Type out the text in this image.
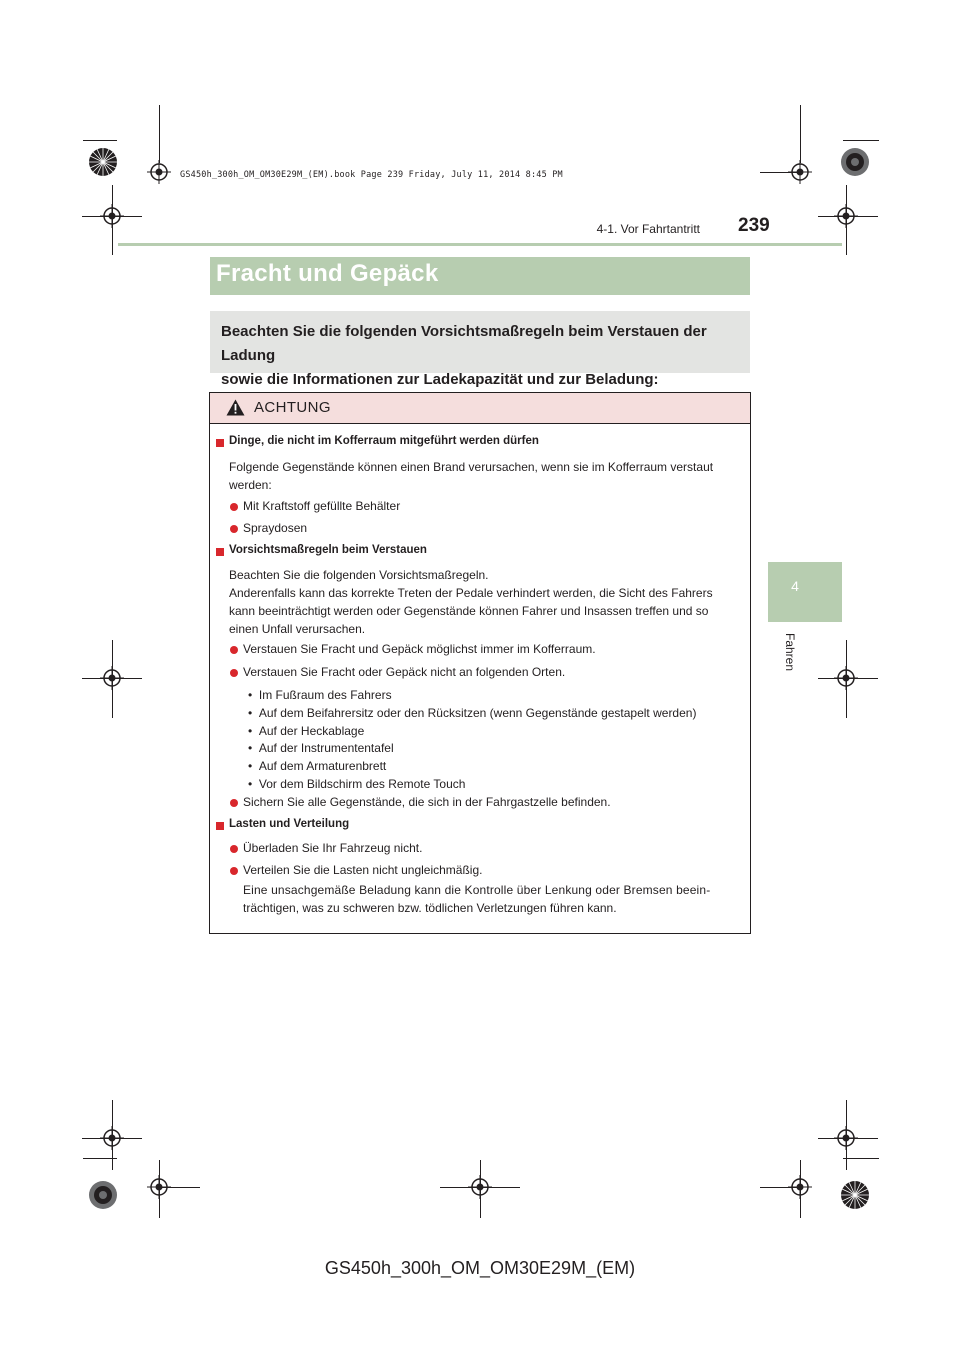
GS450h_300h_OM_OM30E29M_(EM).book Page 239 Friday, July 11, 2014 8:45 PM
4-1. Vor Fahrtantritt 239
4
Fahren
Fracht und Gepäck
Beachten Sie die folgenden Vorsichtsmaßregeln beim Verstauen der Ladung
sowie die Informationen zur Ladekapazität und zur Beladung:
ACHTUNG
Dinge, die nicht im Kofferraum mitgeführt werden dürfen
Folgende Gegenstände können einen Brand verursachen, wenn sie im Kofferraum verstaut
werden:
Mit Kraftstoff gefüllte Behälter
Spraydosen
Vorsichtsmaßregeln beim Verstauen
Beachten Sie die folgenden Vorsichtsmaßregeln.
Anderenfalls kann das korrekte Treten der Pedale verhindert werden, die Sicht des Fahrers
kann beeinträchtigt werden oder Gegenstände können Fahrer und Insassen treffen und so
einen Unfall verursachen.
Verstauen Sie Fracht und Gepäck möglichst immer im Kofferraum.
Verstauen Sie Fracht oder Gepäck nicht an folgenden Orten.
•  Im Fußraum des Fahrers
•  Auf dem Beifahrersitz oder den Rücksitzen (wenn Gegenstände gestapelt werden)
•  Auf der Heckablage
•  Auf der Instrumententafel
•  Auf dem Armaturenbrett
•  Vor dem Bildschirm des Remote Touch
Sichern Sie alle Gegenstände, die sich in der Fahrgastzelle befinden.
Lasten und Verteilung
Überladen Sie Ihr Fahrzeug nicht.
Verteilen Sie die Lasten nicht ungleichmäßig.
Eine unsachgemäße Beladung kann die Kontrolle über Lenkung oder Bremsen beein-
trächtigen, was zu schweren bzw. tödlichen Verletzungen führen kann.
GS450h_300h_OM_OM30E29M_(EM)
